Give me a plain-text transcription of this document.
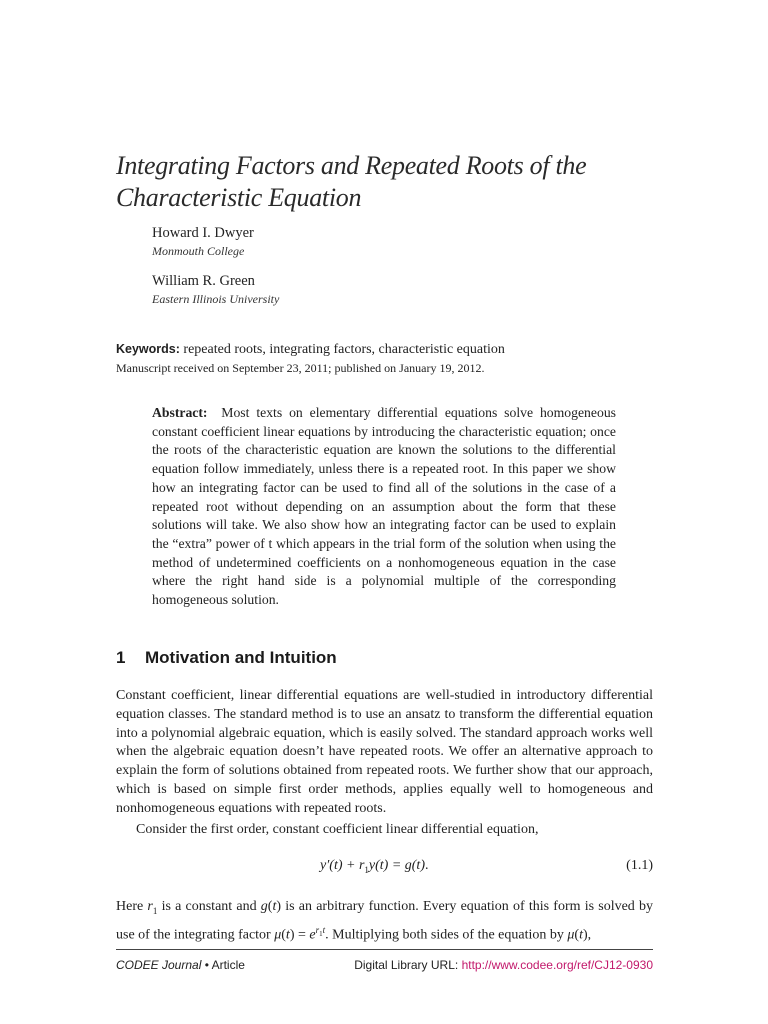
Integrating Factors and Repeated Roots of the Characteristic Equation
Howard I. Dwyer
Monmouth College
William R. Green
Eastern Illinois University
Keywords: repeated roots, integrating factors, characteristic equation
Manuscript received on September 23, 2011; published on January 19, 2012.

Abstract: Most texts on elementary differential equations solve homogeneous constant coefficient linear equations by introducing the characteristic equation; once the roots of the characteristic equation are known the solutions to the differential equation follow immediately, unless there is a repeated root. In this paper we show how an integrating factor can be used to find all of the solutions in the case of a repeated root without depending on an assumption about the form that these solutions will take. We also show how an integrating factor can be used to explain the “extra” power of t which appears in the trial form of the solution when using the method of undetermined coefficients on a nonhomogeneous equation in the case where the right hand side is a polynomial multiple of the corresponding homogeneous solution.

1 Motivation and Intuition

Constant coefficient, linear differential equations are well-studied in introductory differential equation classes. The standard method is to use an ansatz to transform the differential equation into a polynomial algebraic equation, which is easily solved. The standard approach works well when the algebraic equation doesn’t have repeated roots. We offer an alternative approach to explain the form of solutions obtained from repeated roots. We further show that our approach, which is based on simple first order methods, applies equally well to homogeneous and nonhomogeneous equations with repeated roots.

Consider the first order, constant coefficient linear differential equation,

$y'(t) + r_1y(t) = g(t)$.	(1.1)

Here $r_1$ is a constant and g(t) is an arbitrary function. Every equation of this form is solved by use of the integrating factor $\mu(t) = e^{r_1t}$. Multiplying both sides of the equation by μ(t),

CODEE Journal • Article	Digital Library URL: http://www.codee.org/ref/CJ12-0930
